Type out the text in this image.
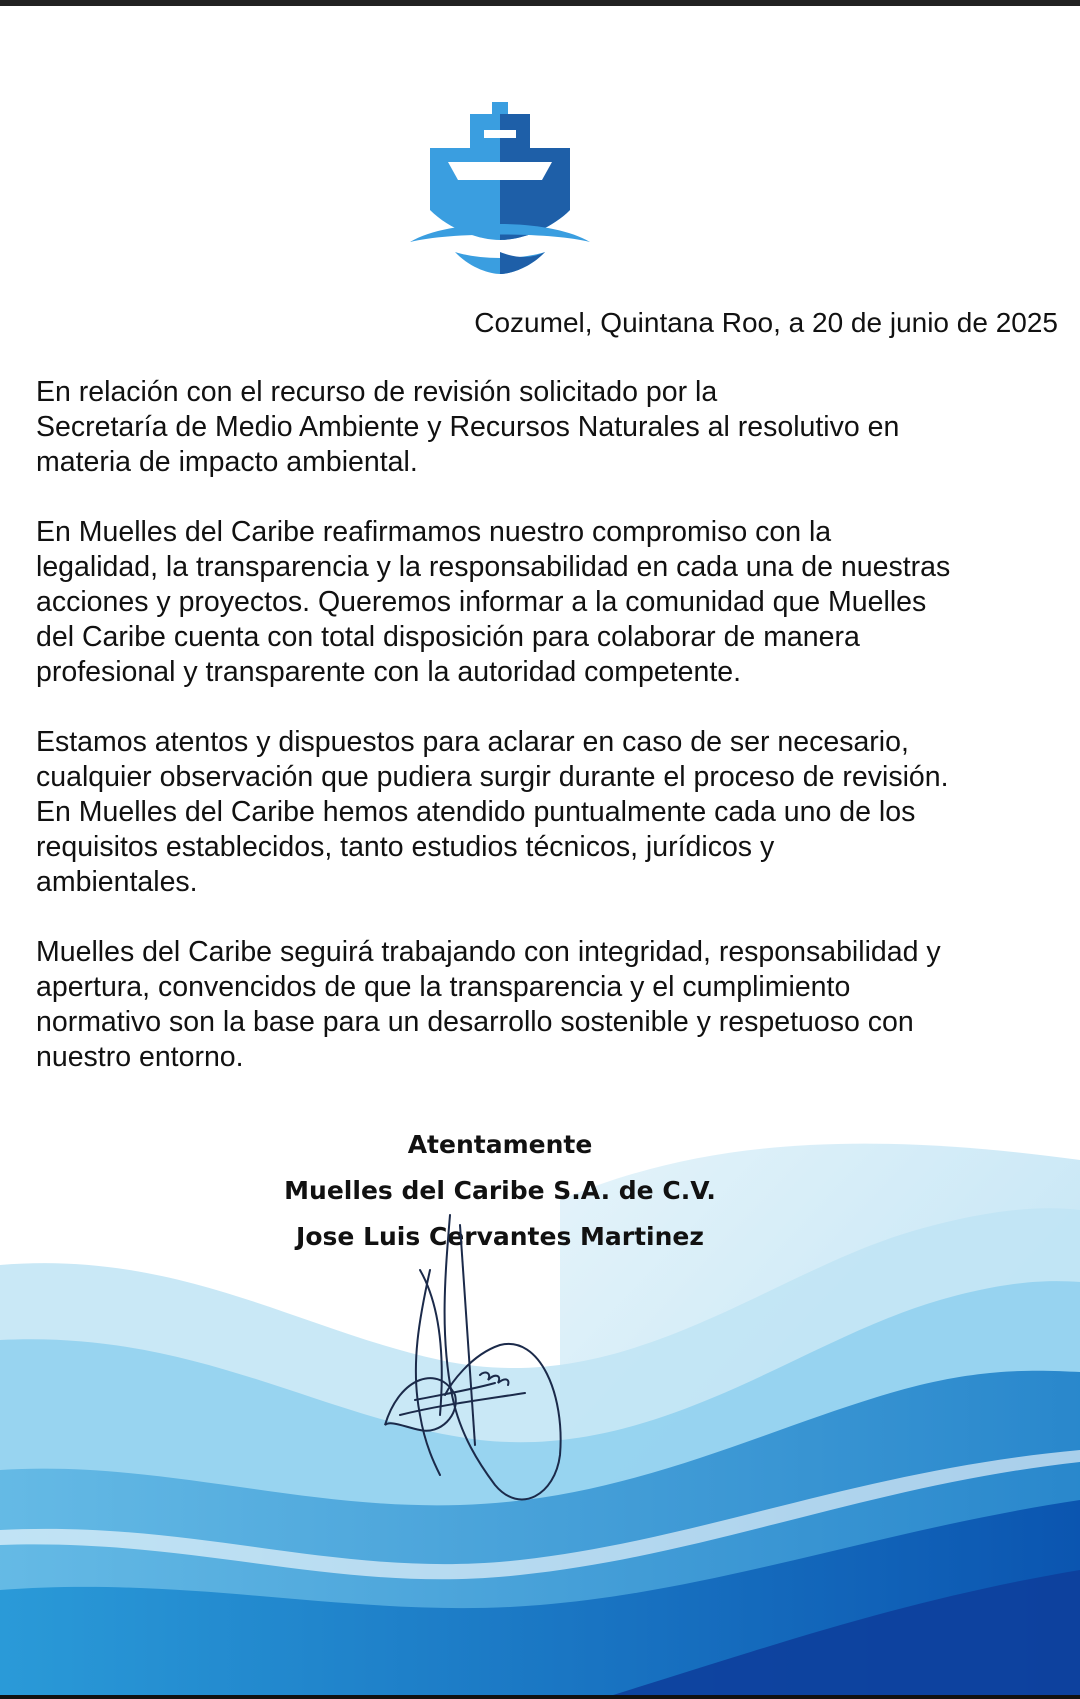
Cozumel, Quintana Roo, a 20 de junio de 2025

En relación con el recurso de revisión solicitado por la
Secretaría de Medio Ambiente y Recursos Naturales al resolutivo en
materia de impacto ambiental.

En Muelles del Caribe reafirmamos nuestro compromiso con la
legalidad, la transparencia y la responsabilidad en cada una de nuestras
acciones y proyectos. Queremos informar a la comunidad que Muelles
del Caribe cuenta con total disposición para colaborar de manera
profesional y transparente con la autoridad competente.

Estamos atentos y dispuestos para aclarar en caso de ser necesario,
cualquier observación que pudiera surgir durante el proceso de revisión.
En Muelles del Caribe hemos atendido puntualmente cada uno de los
requisitos establecidos, tanto estudios técnicos, jurídicos y
ambientales.

Muelles del Caribe seguirá trabajando con integridad, responsabilidad y
apertura, convencidos de que la transparencia y el cumplimiento
normativo son la base para un desarrollo sostenible y respetuoso con
nuestro entorno.

Atentamente

Muelles del Caribe S.A. de C.V.

Jose Luis Cervantes Martinez
